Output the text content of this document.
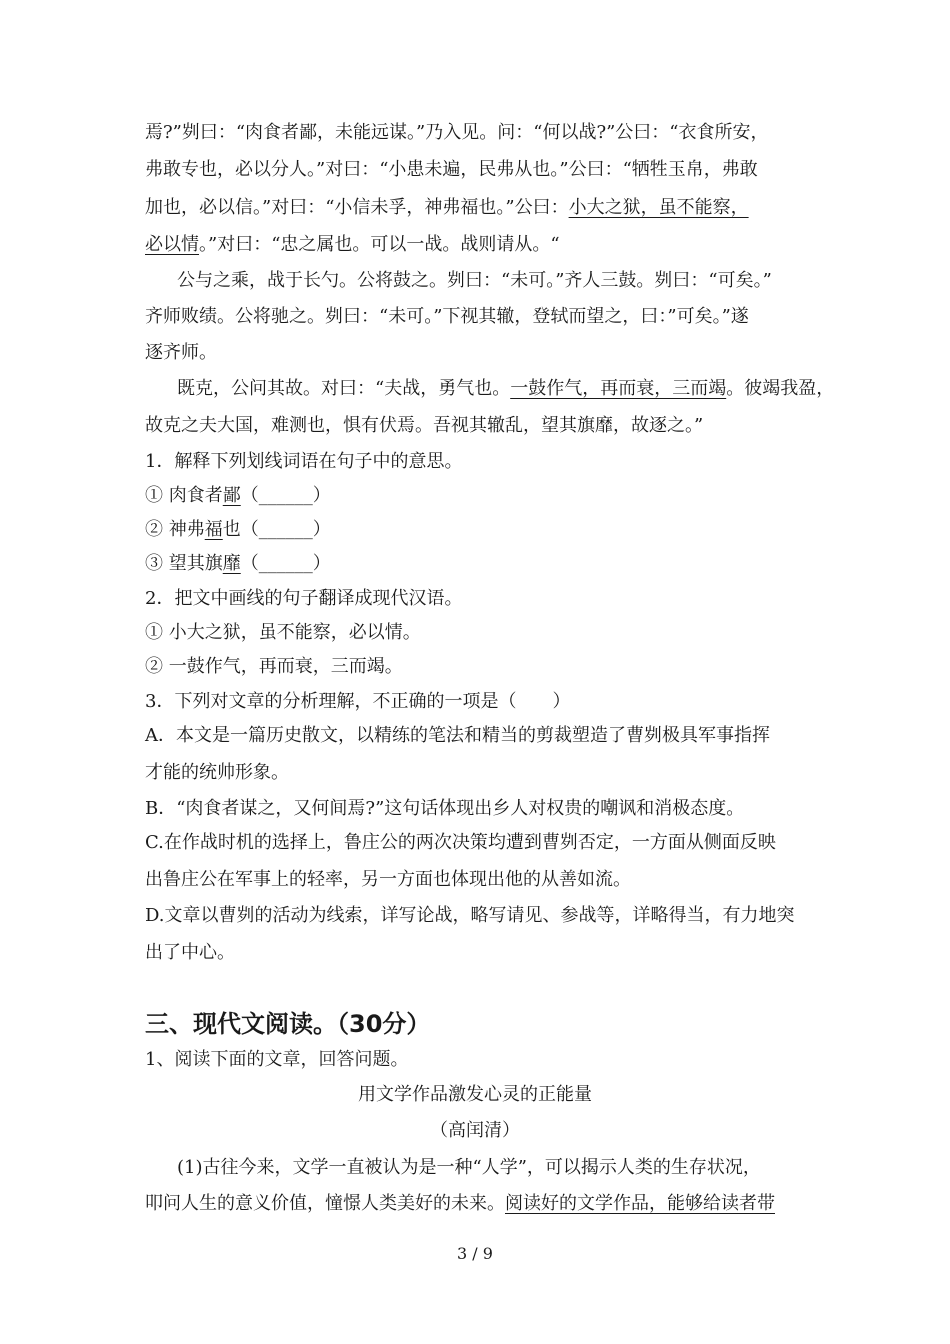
焉?”刿曰：“肉食者鄙，未能远谋。”乃入见。问：“何以战?”公曰：“衣食所安，
弗敢专也，必以分人。”对曰：“小患未遍，民弗从也。”公曰：“牺牲玉帛，弗敢
加也，必以信。”对曰：“小信未孚，神弗福也。”公曰：小大之狱，虽不能察，
必以情。”对曰：“忠之属也。可以一战。战则请从。“
公与之乘，战于长勺。公将鼓之。刿曰：“未可。”齐人三鼓。刿曰：“可矣。”
齐师败绩。公将驰之。刿曰：“未可。”下视其辙，登轼而望之，曰：”可矣。”遂
逐齐师。
既克，公问其故。对曰：“夫战，勇气也。一鼓作气，再而衰，三而竭。彼竭我盈，
故克之夫大国，难测也，惧有伏焉。吾视其辙乱，望其旗靡，故逐之。”
1．解释下列划线词语在句子中的意思。
① 肉食者鄙（______）
② 神弗福也（______）
③ 望其旗靡（______）
2．把文中画线的句子翻译成现代汉语。
① 小大之狱，虽不能察，必以情。
② 一鼓作气，再而衰，三而竭。
3．下列对文章的分析理解，不正确的一项是（　　）
A．本文是一篇历史散文，以精练的笔法和精当的剪裁塑造了曹刿极具军事指挥
才能的统帅形象。
B．“肉食者谋之，又何间焉?”这句话体现出乡人对权贵的嘲讽和消极态度。
C.在作战时机的选择上，鲁庄公的两次决策均遭到曹刿否定，一方面从侧面反映
出鲁庄公在军事上的轻率，另一方面也体现出他的从善如流。
D.文章以曹刿的活动为线索，详写论战，略写请见、参战等，详略得当，有力地突
出了中心。
三、现代文阅读。（30分）
1、阅读下面的文章，回答问题。
用文学作品激发心灵的正能量
（高闰清）
(1)古往今来，文学一直被认为是一种“人学”，可以揭示人类的生存状况，
叩问人生的意义价值，憧憬人类美好的未来。阅读好的文学作品，能够给读者带
3 / 9
